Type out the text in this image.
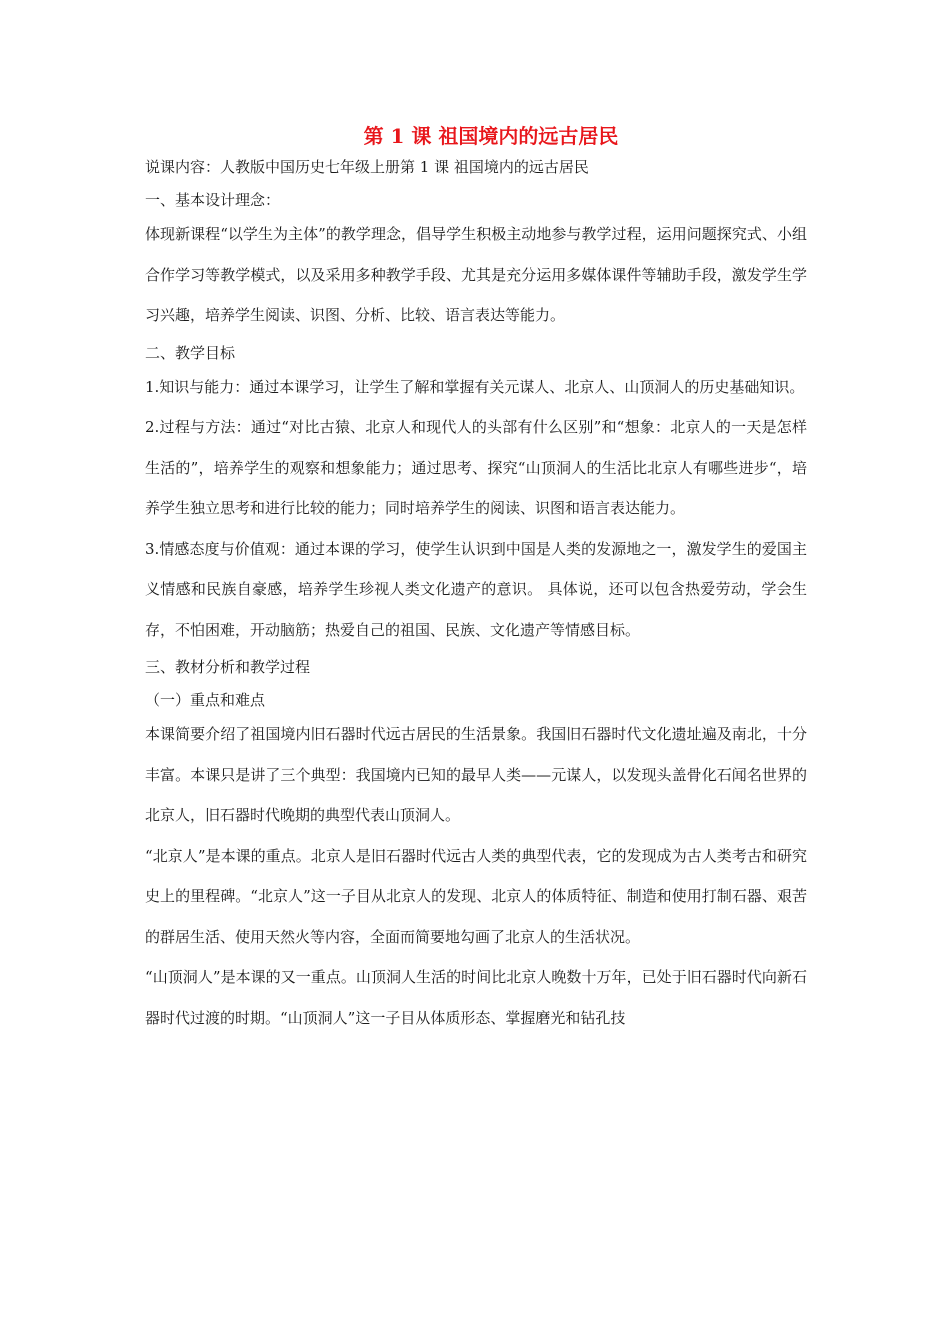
第 1 课 祖国境内的远古居民

说课内容：人教版中国历史七年级上册第 1 课 祖国境内的远古居民

一、基本设计理念：

体现新课程“以学生为主体”的教学理念，倡导学生积极主动地参与教学过程，运用问题探究式、小组合作学习等教学模式，以及采用多种教学手段、尤其是充分运用多媒体课件等辅助手段，激发学生学习兴趣，培养学生阅读、识图、分析、比较、语言表达等能力。

二、教学目标

1.知识与能力：通过本课学习，让学生了解和掌握有关元谋人、北京人、山顶洞人的历史基础知识。

2.过程与方法：通过“对比古猿、北京人和现代人的头部有什么区别”和“想象：北京人的一天是怎样生活的”，培养学生的观察和想象能力；通过思考、探究“山顶洞人的生活比北京人有哪些进步“，培养学生独立思考和进行比较的能力；同时培养学生的阅读、识图和语言表达能力。

3.情感态度与价值观：通过本课的学习，使学生认识到中国是人类的发源地之一，激发学生的爱国主义情感和民族自豪感，培养学生珍视人类文化遗产的意识。 具体说，还可以包含热爱劳动，学会生存，不怕困难，开动脑筋；热爱自己的祖国、民族、文化遗产等情感目标。

三、教材分析和教学过程

（一）重点和难点

本课简要介绍了祖国境内旧石器时代远古居民的生活景象。我国旧石器时代文化遗址遍及南北，十分丰富。本课只是讲了三个典型：我国境内已知的最早人类——元谋人，以发现头盖骨化石闻名世界的北京人，旧石器时代晚期的典型代表山顶洞人。

“北京人”是本课的重点。北京人是旧石器时代远古人类的典型代表，它的发现成为古人类考古和研究史上的里程碑。“北京人”这一子目从北京人的发现、北京人的体质特征、制造和使用打制石器、艰苦的群居生活、使用天然火等内容，全面而简要地勾画了北京人的生活状况。

“山顶洞人”是本课的又一重点。山顶洞人生活的时间比北京人晚数十万年，已处于旧石器时代向新石器时代过渡的时期。“山顶洞人”这一子目从体质形态、掌握磨光和钻孔技
